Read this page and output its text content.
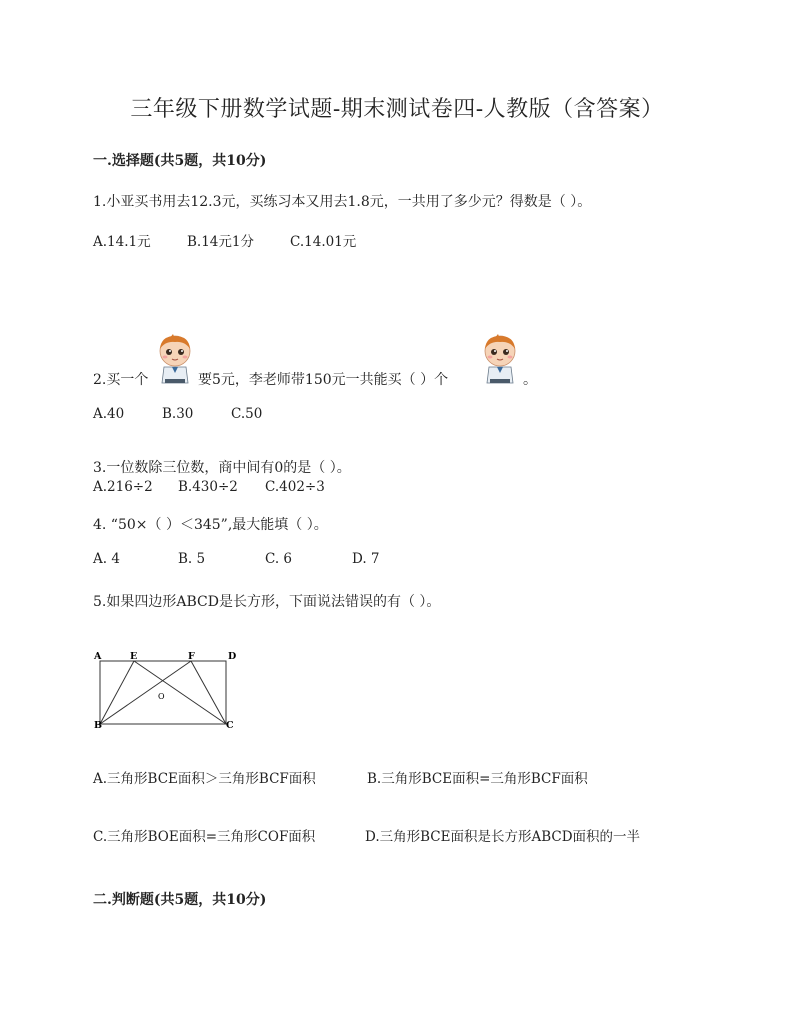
三年级下册数学试题-期末测试卷四-人教版（含答案）
一.选择题(共5题，共10分)
1.小亚买书用去12.3元，买练习本又用去1.8元，一共用了多少元？得数是（ ）。
A.14.1元	B.14元1分	C.14.01元
2.买一个	要5元，李老师带150元一共能买（ ）个	。
A.40	B.30	C.50
3.一位数除三位数，商中间有0的是（ ）。
A.216÷2 B.430÷2 C.402÷3
4. “50×（ ）＜345”,最大能填（ ）。
A. 4	B. 5	C. 6	D. 7
5.如果四边形ABCD是长方形，下面说法错误的有（ ）。
A	E	F	D
B	C
O
A.三角形BCE面积＞三角形BCF面积	B.三角形BCE面积=三角形BCF面积
C.三角形BOE面积=三角形COF面积	D.三角形BCE面积是长方形ABCD面积的一半
二.判断题(共5题，共10分)
